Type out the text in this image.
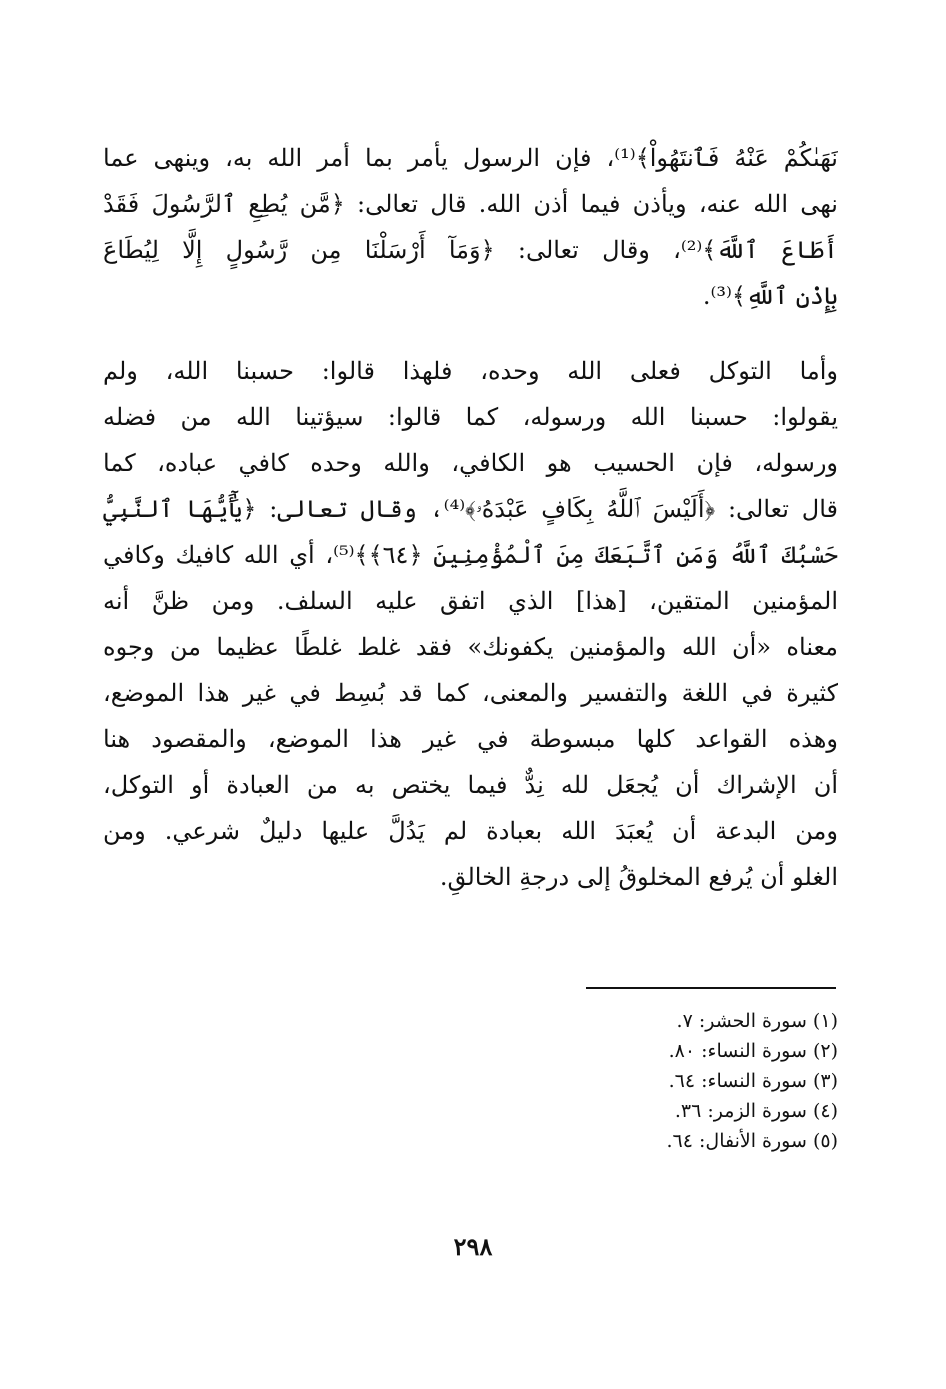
نَهَىٰكُمْ عَنْهُ فَٱنتَهُواْ﴾⁽¹⁾، فإن الرسول يأمر بما أمر الله به، وينهى عما
نهى الله عنه، ويأذن فيما أذن الله. قال تعالى: ﴿مَّن يُطِعِ ٱلرَّسُولَ فَقَدْ
أَطَاعَ ٱللَّهَ﴾⁽²⁾، وقال تعالى: ﴿وَمَآ أَرْسَلْنَا مِن رَّسُولٍ إِلَّا لِيُطَاعَ
بِإِذْنِ ٱللَّهِ﴾⁽³⁾.
وأما التوكل فعلى الله وحده، فلهذا قالوا: حسبنا الله، ولم
يقولوا: حسبنا الله ورسوله، كما قالوا: سيؤتينا الله من فضله
ورسوله، فإن الحسيب هو الكافي، والله وحده كافي عباده، كما
قال تعالى: ﴿أَلَيْسَ ٱللَّهُ بِكَافٍ عَبْدَهُۥ﴾⁽⁴⁾، وقال تعالى: ﴿يَٰٓأَيُّهَا ٱلنَّبِيُّ
حَسْبُكَ ٱللَّهُ وَمَنِ ٱتَّبَعَكَ مِنَ ٱلْمُؤْمِنِينَ ﴿٦٤﴾﴾⁽⁵⁾، أي الله كافيك وكافي
المؤمنين المتقين، [هذا] الذي اتفق عليه السلف. ومن ظنَّ أنه
معناه «أن الله والمؤمنين يكفونك» فقد غلط غلطًا عظيما من وجوه
كثيرة في اللغة والتفسير والمعنى، كما قد بُسِط في غير هذا الموضع،
وهذه القواعد كلها مبسوطة في غير هذا الموضع، والمقصود هنا
أن الإشراك أن يُجعَل لله نِدٌّ فيما يختص به من العبادة أو التوكل،
ومن البدعة أن يُعبَدَ الله بعبادة لم يَدُلَّ عليها دليلٌ شرعي. ومن
الغلو أن يُرفع المخلوقُ إلى درجةِ الخالقِ.
(١) سورة الحشر: ٧.
(٢) سورة النساء: ٨٠.
(٣) سورة النساء: ٦٤.
(٤) سورة الزمر: ٣٦.
(٥) سورة الأنفال: ٦٤.
٢٩٨
